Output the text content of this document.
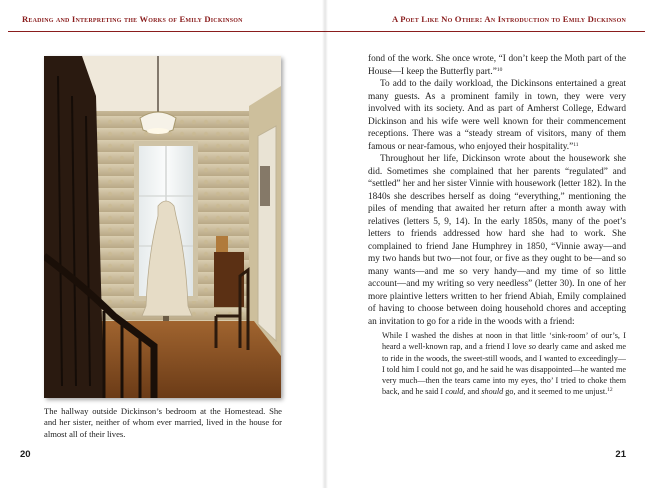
Reading and Interpreting the Works of Emily Dickinson
The hallway outside Dickinson’s bedroom at the Homestead. She and her sister, neither of whom ever married, lived in the house for almost all of their lives.
20
A Poet Like No Other: An Introduction to Emily Dickinson

fond of the work. She once wrote, “I don’t keep the Moth part of the House—I keep the Butterfly part.”$^{10}$

To add to the daily workload, the Dickinsons entertained a great many guests. As a prominent family in town, they were very involved with its society. And as part of Amherst College, Edward Dickinson and his wife were well known for their commencement receptions. There was a “steady stream of visitors, many of them famous or near-famous, who enjoyed their hospitality.”$^{11}$

Throughout her life, Dickinson wrote about the housework she did. Sometimes she complained that her parents “regulated” and “settled” her and her sister Vinnie with housework (letter 182). In the 1840s she describes herself as doing “everything,” mentioning the piles of mending that awaited her return after a month away with relatives (letters 5, 9, 14). In the early 1850s, many of the poet’s letters to friends addressed how hard she had to work. She complained to friend Jane Humphrey in 1850, “Vinnie away—and my two hands but two—not four, or five as they ought to be—and so many wants—and me so very handy—and my time of so little account—and my writing so very needless” (letter 30). In one of her more plaintive letters written to her friend Abiah, Emily complained of having to choose between doing household chores and accepting an invitation to go for a ride in the woods with a friend:

While I washed the dishes at noon in that little ‘sink-room’ of our’s, I heard a well-known rap, and a friend I love so dearly came and asked me to ride in the woods, the sweet-still woods, and I wanted to exceedingly—I told him I could not go, and he said he was disappointed—he wanted me very much—then the tears came into my eyes, tho’ I tried to choke them back, and he said I could, and should go, and it seemed to me unjust.$^{12}$

21
